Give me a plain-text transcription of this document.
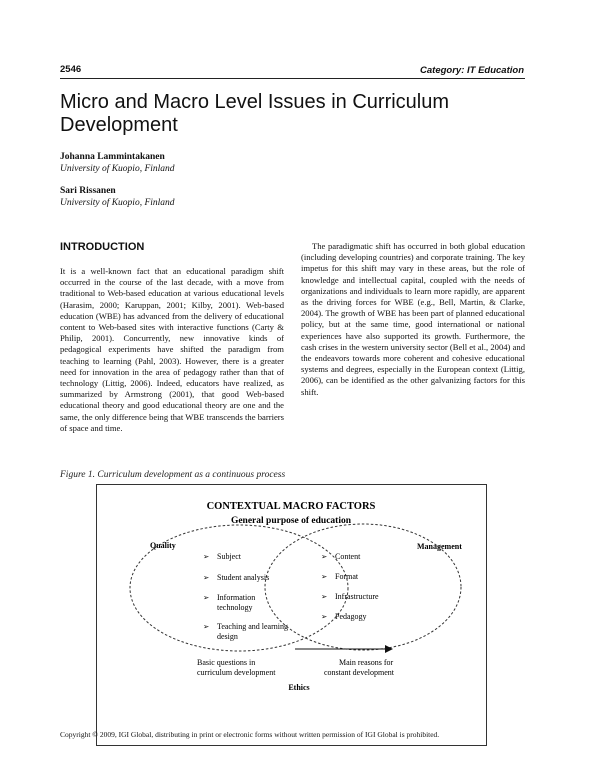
2546	Category: IT Education
Micro and Macro Level Issues in Curriculum Development
Johanna Lammintakanen
University of Kuopio, Finland
Sari Rissanen
University of Kuopio, Finland
INTRODUCTION
It is a well-known fact that an educational paradigm shift occurred in the course of the last decade, with a move from traditional to Web-based education at various educational levels (Harasim, 2000; Karuppan, 2001; Kilby, 2001). Web-based education (WBE) has advanced from the delivery of educational content to Web-based sites with interactive functions (Carty & Philip, 2001). Concurrently, new innovative kinds of pedagogical experiments have shifted the paradigm from teaching to learning (Pahl, 2003). However, there is a greater need for innovation in the area of pedagogy rather than that of technology (Littig, 2006). Indeed, educators have realized, as summarized by Armstrong (2001), that good Web-based educational theory and good educational theory are one and the same, the only difference being that WBE transcends the barriers of space and time.
The paradigmatic shift has occurred in both global education (including developing countries) and corporate training. The key impetus for this shift may vary in these areas, but the role of knowledge and intellectual capital, coupled with the needs of organizations and individuals to learn more rapidly, are apparent as the driving forces for WBE (e.g., Bell, Martin, & Clarke, 2004). The growth of WBE has been part of planned educational policy, but at the same time, good international or national experiences have also supported its growth. Furthermore, the cash crises in the western university sector (Bell et al., 2004) and the endeavors towards more coherent and cohesive educational systems and degrees, especially in the European context (Littig, 2006), can be identified as the other galvanizing factors for this shift.
Figure 1. Curriculum development as a continuous process
CONTEXTUAL MACRO FACTORS
General purpose of education
Quality	Management
➢ Subject
➢ Student analysis
➢ Information
technology
➢ Teaching and learning
design
➢ Content
➢ Format
➢ Infrastructure
➢ Pedagogy
Basic questions in
curriculum development
Main reasons for
constant development
Ethics
Copyright © 2009, IGI Global, distributing in print or electronic forms without written permission of IGI Global is prohibited.
